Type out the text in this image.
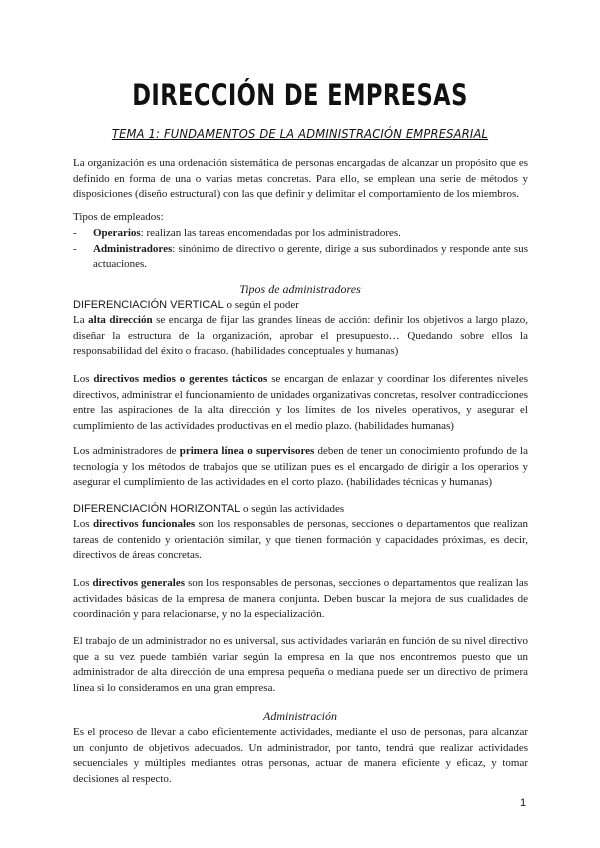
DIRECCIÓN DE EMPRESAS
TEMA 1: FUNDAMENTOS DE LA ADMINISTRACIÓN EMPRESARIAL
La organización es una ordenación sistemática de personas encargadas de alcanzar un propósito que es definido en forma de una o varias metas concretas. Para ello, se emplean una serie de métodos y disposiciones (diseño estructural) con las que definir y delimitar el comportamiento de los miembros.
Tipos de empleados:
-	Operarios: realizan las tareas encomendadas por los administradores.
-	Administradores: sinónimo de directivo o gerente, dirige a sus subordinados y responde ante sus actuaciones.
Tipos de administradores
DIFERENCIACIÓN VERTICAL o según el poder
La alta dirección se encarga de fijar las grandes líneas de acción: definir los objetivos a largo plazo, diseñar la estructura de la organización, aprobar el presupuesto… Quedando sobre ellos la responsabilidad del éxito o fracaso. (habilidades conceptuales y humanas)
Los directivos medios o gerentes tácticos se encargan de enlazar y coordinar los diferentes niveles directivos, administrar el funcionamiento de unidades organizativas concretas, resolver contradicciones entre las aspiraciones de la alta dirección y los límites de los niveles operativos, y asegurar el cumplimiento de las actividades productivas en el medio plazo. (habilidades humanas)
Los administradores de primera línea o supervisores deben de tener un conocimiento profundo de la tecnología y los métodos de trabajos que se utilizan pues es el encargado de dirigir a los operarios y asegurar el cumplimiento de las actividades en el corto plazo. (habilidades técnicas y humanas)
DIFERENCIACIÓN HORIZONTAL o según las actividades
Los directivos funcionales son los responsables de personas, secciones o departamentos que realizan tareas de contenido y orientación similar, y que tienen formación y capacidades próximas, es decir, directivos de áreas concretas.
Los directivos generales son los responsables de personas, secciones o departamentos que realizan las actividades básicas de la empresa de manera conjunta. Deben buscar la mejora de sus cualidades de coordinación y para relacionarse, y no la especialización.
El trabajo de un administrador no es universal, sus actividades variarán en función de su nivel directivo que a su vez puede también variar según la empresa en la que nos encontremos puesto que un administrador de alta dirección de una empresa pequeña o mediana puede ser un directivo de primera línea si lo consideramos en una gran empresa.
Administración
Es el proceso de llevar a cabo eficientemente actividades, mediante el uso de personas, para alcanzar un conjunto de objetivos adecuados. Un administrador, por tanto, tendrá que realizar actividades secuenciales y múltiples mediantes otras personas, actuar de manera eficiente y eficaz, y tomar decisiones al respecto.
1
